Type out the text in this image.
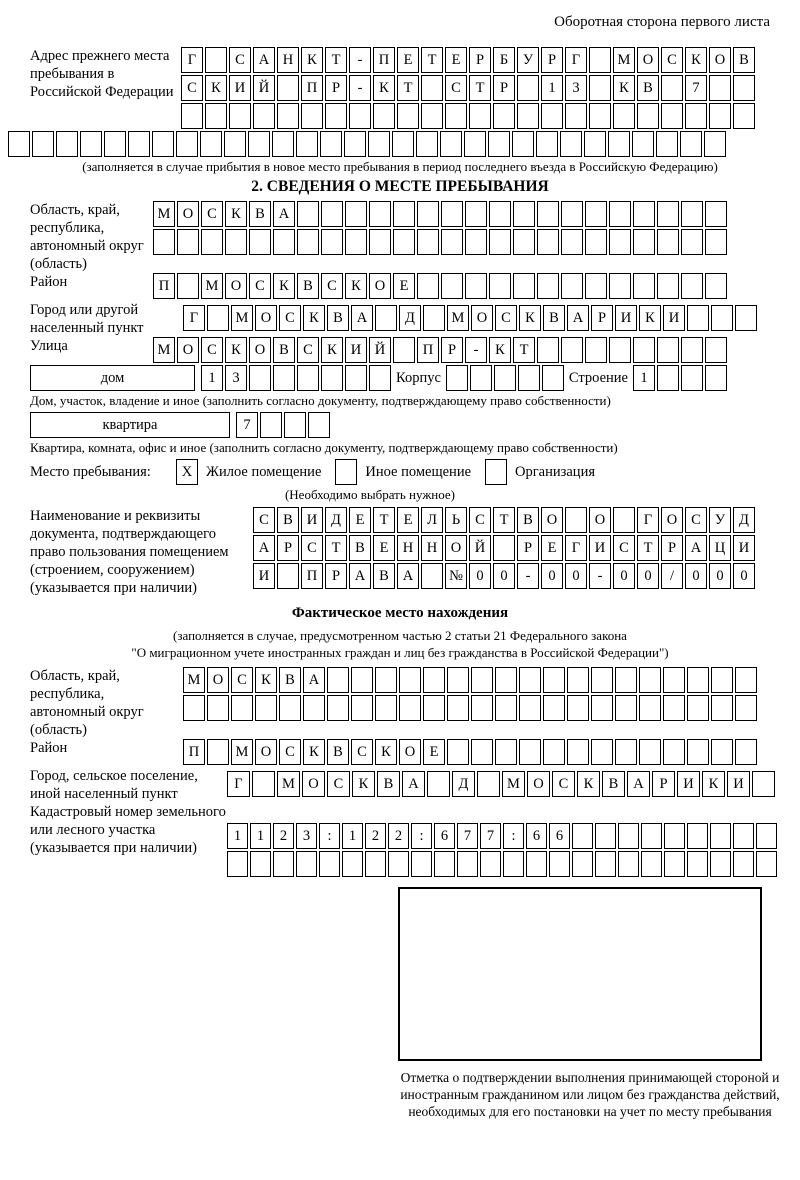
Оборотная сторона первого листа
Адрес прежнего места пребывания в Российской Федерации
Г	С А Н К	Т	-	П Е	Т	Е	Р	Б	У	Р	Г	М О С К О В
С К И Й	П	Р	-	К	Т	С	Т	Р	1	3	К В	7
(заполняется в случае прибытия в новое место пребывания в период последнего въезда в Российскую Федерацию)
2. СВЕДЕНИЯ О МЕСТЕ ПРЕБЫВАНИЯ
Область, край, республика, автономный округ (область)
М О С К В А
Район	П	М О С К В С К О Е
Город или другой населенный пункт
Г	М О С К В А	Д	М О С К В А	Р	И К И
Улица	М О С К О В С К И Й	П	Р	-	К	Т
дом	1	3	Корпус	Строение 1
Дом, участок, владение и иное (заполнить согласно документу, подтверждающему право собственности)
квартира	7
Квартира, комната, офис и иное (заполнить согласно документу, подтверждающему право собственности)
Место пребывания:	X Жилое помещение	Иное помещение	Организация
(Необходимо выбрать нужное)
Наименование и реквизиты документа, подтверждающего право пользования помещением (строением, сооружением) (указывается при наличии)
С В И Д	Е	Т	Е	Л	Ь	С	Т	В О	О	Г	О С У Д
А	Р	С	Т	В	Е Н Н О Й	Р	Е	Г	И С	Т	Р	А Ц И
И	П	Р	А В А	№ 0	0	-	0	0	-	0	0	/	0	0	0
Фактическое место нахождения
(заполняется в случае, предусмотренном частью 2 статьи 21 Федерального закона
"О миграционном учете иностранных граждан и лиц без гражданства в Российской Федерации")
Область, край, республика, автономный округ (область)
М О С К В А
Район	П	М О С К В С К О Е
Город, сельское поселение, иной населенный пункт
Г	М О	С	К	В	А	Д	М О	С	К	В	А	Р	И	К	И
Кадастровый номер земельного или лесного участка (указывается при наличии)
1	1	2	3	:	1	2	2	:	6	7	7	:	6	6
Отметка о подтверждении выполнения принимающей стороной и иностранным гражданином или лицом без гражданства действий, необходимых для его постановки на учет по месту пребывания
